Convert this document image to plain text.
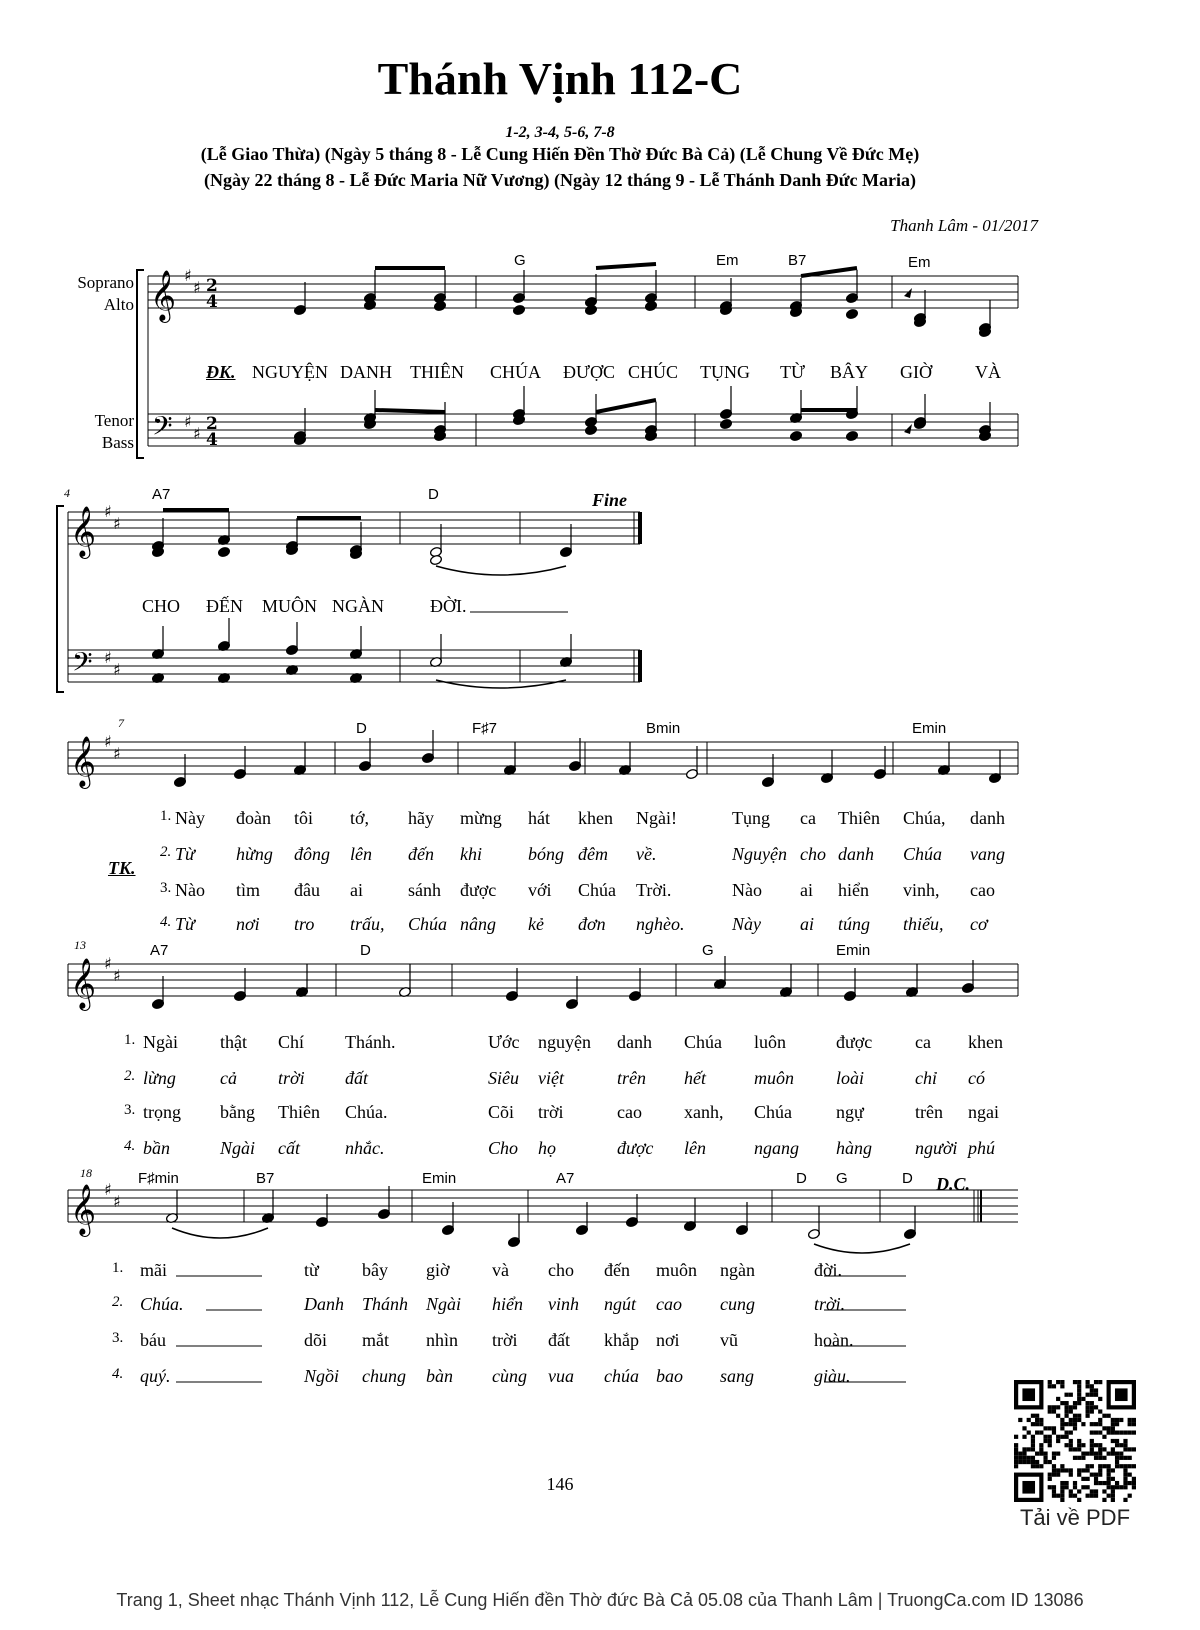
Thánh Vịnh 112-C
1-2, 3-4, 5-6, 7-8
(Lễ Giao Thừa) (Ngày 5 tháng 8 - Lễ Cung Hiến Đền Thờ Đức Bà Cả) (Lễ Chung Về Đức Mẹ)
(Ngày 22 tháng 8 - Lễ Đức Maria Nữ Vương) (Ngày 12 tháng 9 - Lễ Thánh Danh Đức Maria)
Thanh Lâm - 01/2017
Soprano
Alto
Tenor
Bass
𝄞
𝄢
♯
♯
♯
♯
2
4
2
4
𝄞
𝄢
♯
♯
♯
♯
𝄞 ♯
♯
𝄞 ♯
♯
𝄞 ♯
♯
4
7
13
18
G	Em	B7	Em
A7	D
D	F♯7	Bmin	Emin
A7	D	G	Emin
F♯min	B7	Emin	A7	D G	D
ĐK.
TK.
Fine
D.C.
NGUYỆN DANH THIÊN CHÚA ĐƯỢC CHÚC TỤNG TỪ BÂY GIỜ VÀ
CHO ĐẾN MUÔN NGÀN	ĐỜI.
1. Này đoàn tôi tớ, hãy mừng hát khen Ngài!	Tụng ca Thiên Chúa, danh
2. Từ hừng đông lên đến khi	bóng đêm về.	Nguyện cho danh Chúa vang
3. Nào tìm đâu ai	sánh được với Chúa Trời.	Nào ai hiển vinh, cao
4. Từ nơi tro trấu, Chúa nâng kẻ đơn nghèo.	Này ai túng thiếu, cơ
1. Ngài thật Chí Thánh.	Ước nguyện danh Chúa luôn	được ca khen
2. lừng cả trời đất	Siêu việt	trên hết	muôn loài	chỉ có
3. trọng bằng Thiên Chúa.	Cõi trời	cao xanh, Chúa ngự	trên ngai
4. bần	Ngài cất	nhắc.	Cho họ	được lên	ngang hàng người phú
1. mãi	từ bây giờ và cho đến muôn ngàn	đời.
2. Chúa.	Danh Thánh Ngài hiển vinh ngút cao cung	trời.
3. báu	dõi mắt nhìn trời đất khắp nơi vũ	hoàn.
4. quý.	Ngồi chung bàn cùng vua chúa bao sang	giàu.
146
Tải về PDF
Trang 1, Sheet nhạc Thánh Vịnh 112, Lễ Cung Hiến đền Thờ đức Bà Cả 05.08 của Thanh Lâm | TruongCa.com ID 13086
